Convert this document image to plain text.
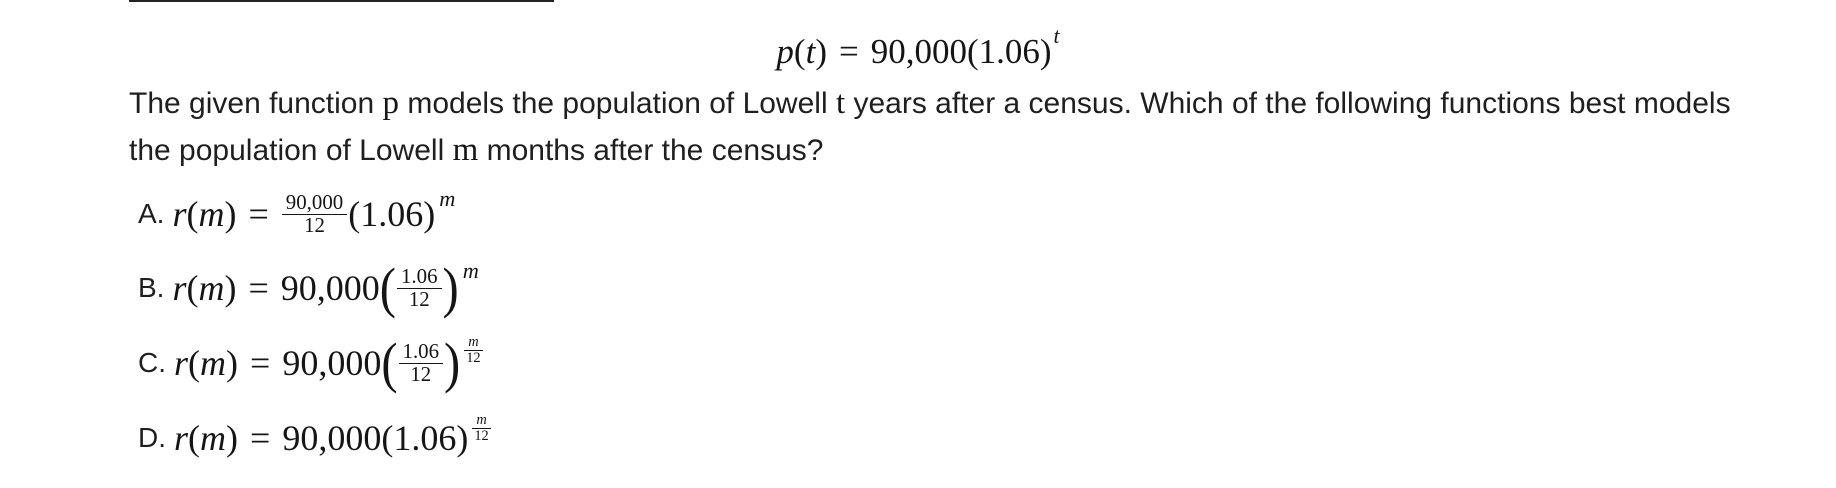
$p(t) = 90,000(1.06)^t$
The given function p models the population of Lowell t years after a census. Which of the following functions best models the population of Lowell m months after the census?
A. r ( m ) = $\frac{90,000}{12}$ ( 1.06 ) m
B. r ( m ) = 90,000 ( $\frac{1.06}{12}$ ) m
C. r ( m ) = 90,000 ( $\frac{1.06}{12}$ ) $\frac{m}{12}$
D. r ( m ) = 90,000 ( 1.06 ) $\frac{m}{12}$
